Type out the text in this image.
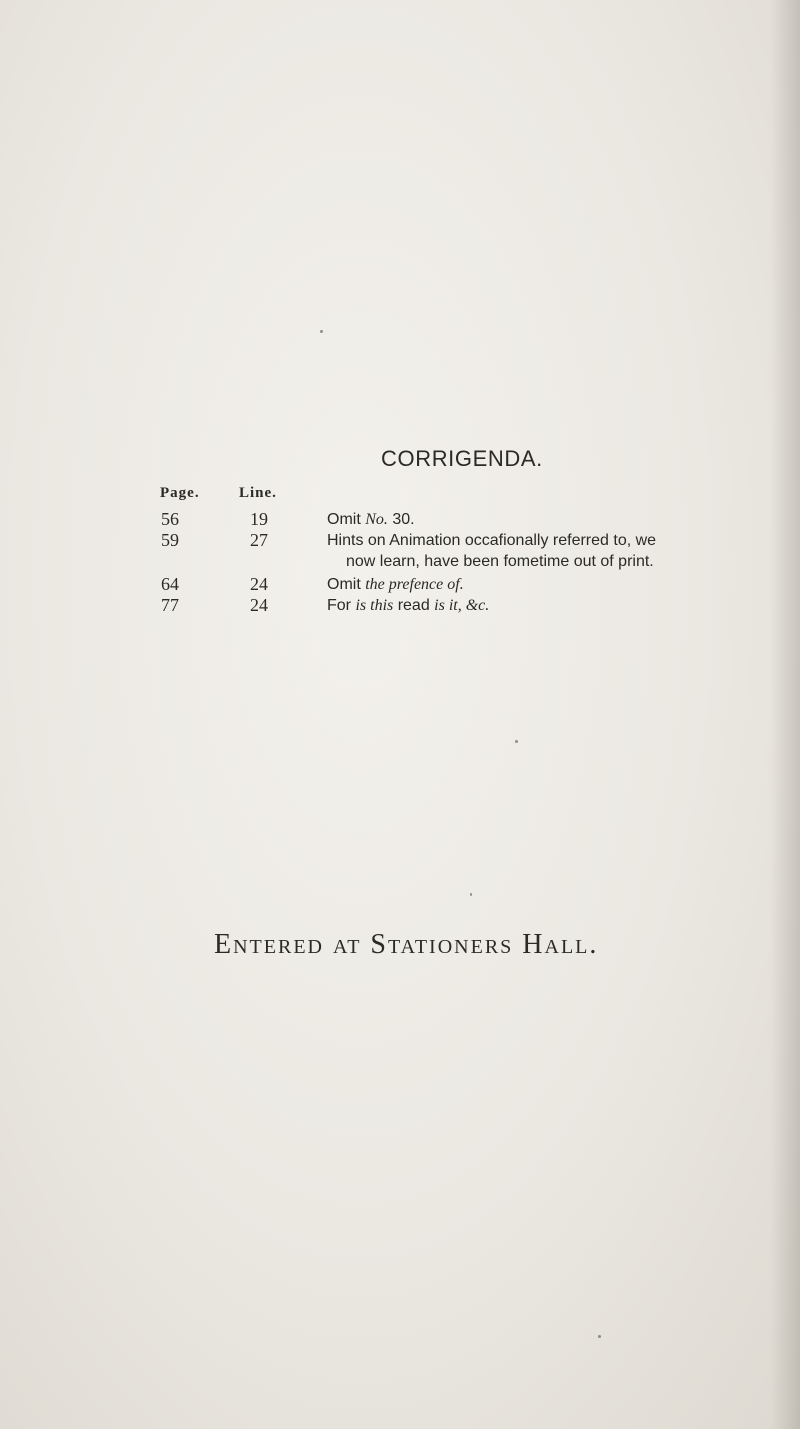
CORRIGENDA.
Page.	Line.
56	19	Omit No. 30.
59	27	Hints on Animation occafionally referred to, we
now learn, have been fometime out of print.
64	24	Omit the prefence of.
77	24	For is this read is it, &c.
Entered at Stationers Hall.
